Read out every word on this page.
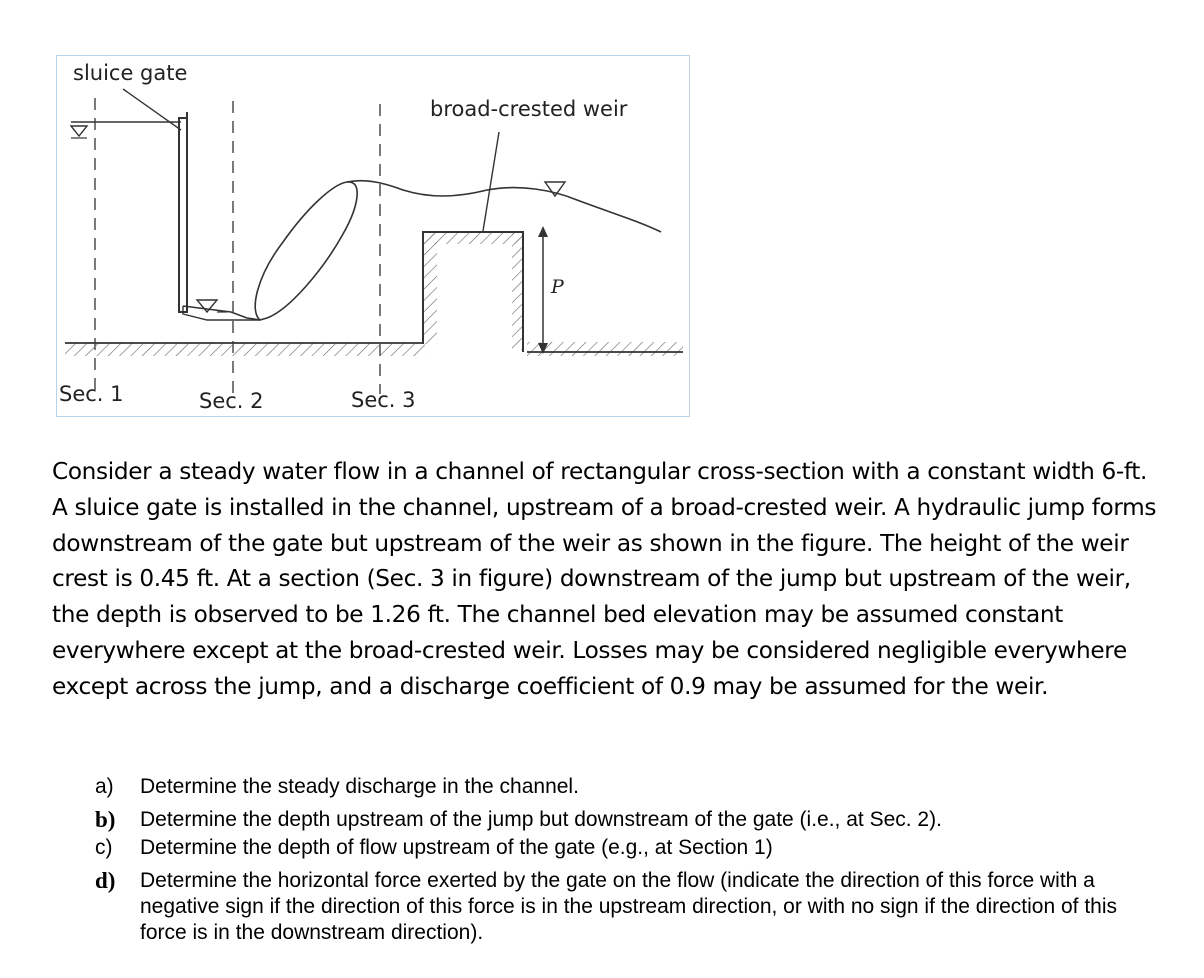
sluice gate
broad-crested weir
P
Sec. 1	Sec. 2	Sec. 3

Consider a steady water flow in a channel of rectangular cross-section with a constant width 6-ft. A sluice gate is installed in the channel, upstream of a broad-crested weir. A hydraulic jump forms downstream of the gate but upstream of the weir as shown in the figure. The height of the weir crest is 0.45 ft. At a section (Sec. 3 in figure) downstream of the jump but upstream of the weir, the depth is observed to be 1.26 ft. The channel bed elevation may be assumed constant everywhere except at the broad-crested weir. Losses may be considered negligible everywhere except across the jump, and a discharge coefficient of 0.9 may be assumed for the weir.

a) Determine the steady discharge in the channel.
b) Determine the depth upstream of the jump but downstream of the gate (i.e., at Sec. 2).
c) Determine the depth of flow upstream of the gate (e.g., at Section 1)
d) Determine the horizontal force exerted by the gate on the flow (indicate the direction of this force with a negative sign if the direction of this force is in the upstream direction, or with no sign if the direction of this force is in the downstream direction).
